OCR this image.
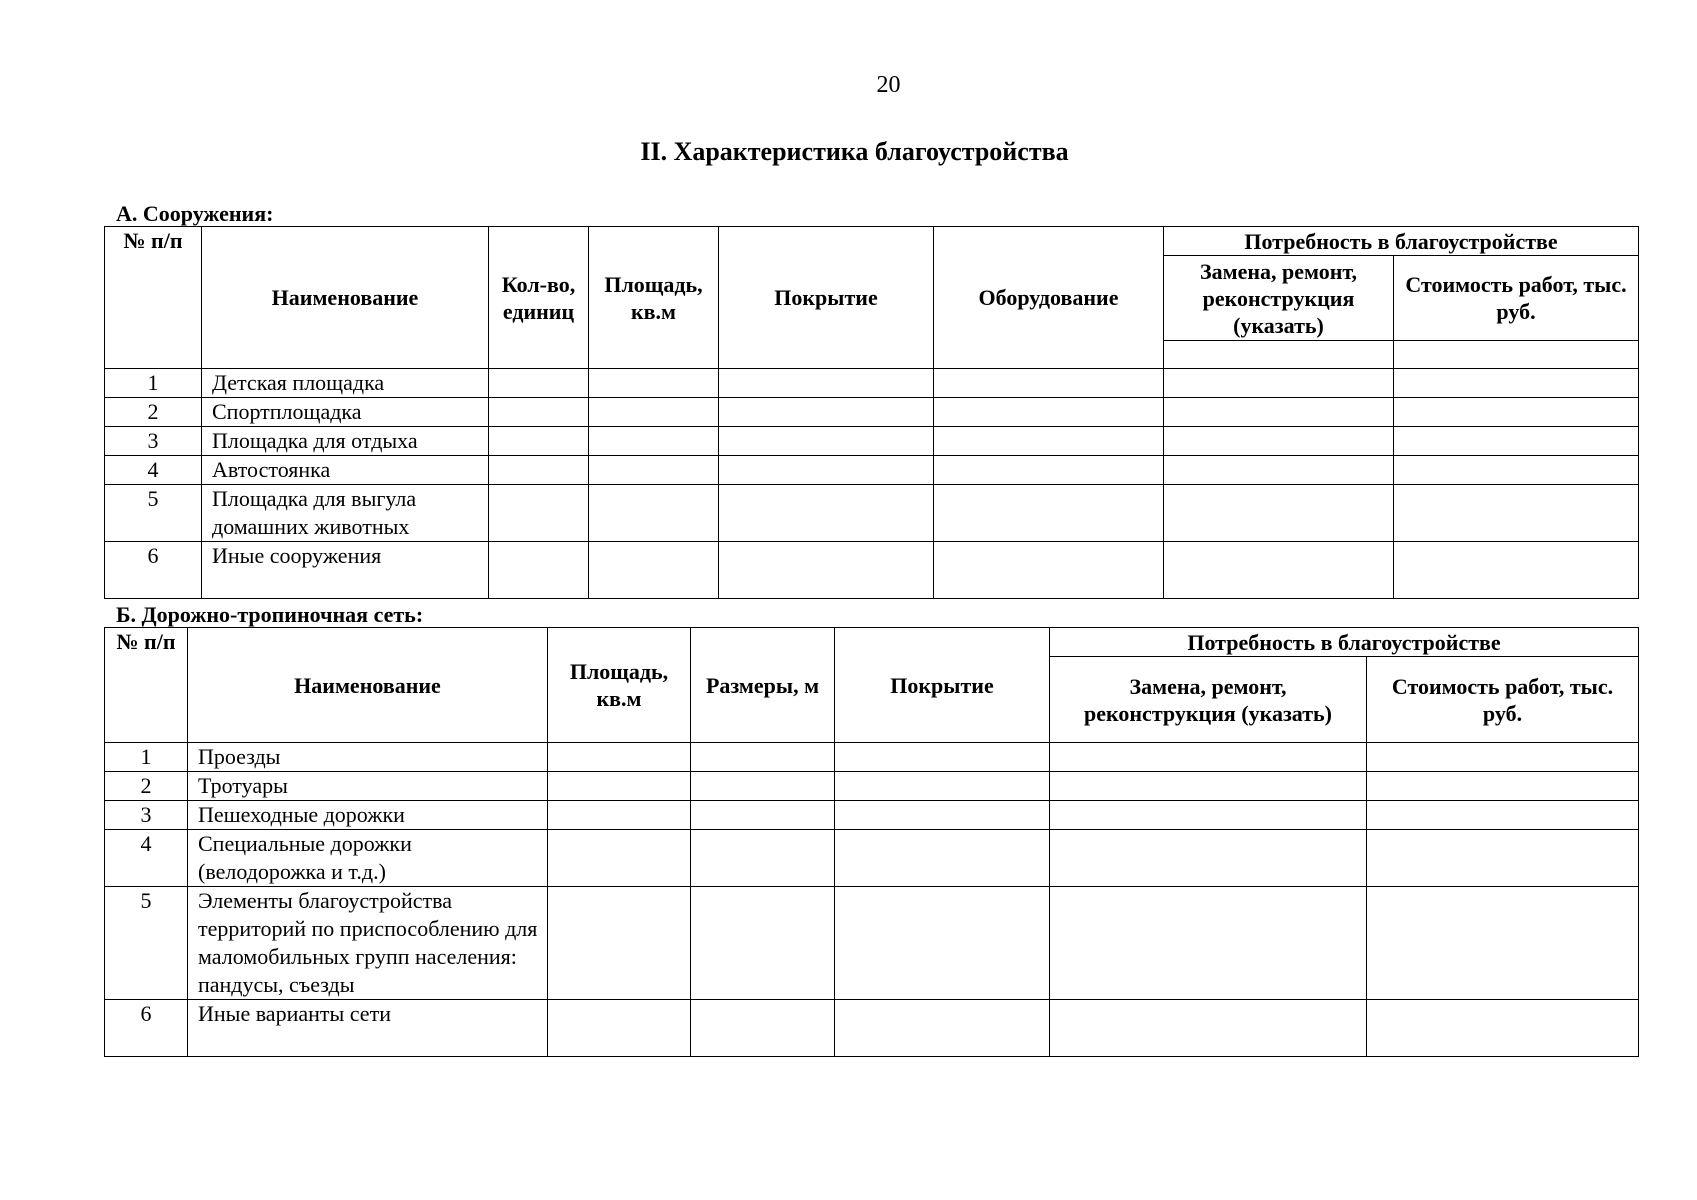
20
II. Характеристика благоустройства
А. Сооружения:
№ п/п	Наименование	Кол-во, единиц	Площадь, кв.м	Покрытие	Оборудование	Потребность в благоустройстве	
						Замена, ремонт, реконструкция (указать)	Стоимость работ, тыс. руб.

1	Детская площадка						
2	Спортплощадка						
3	Площадка для отдыха						
4	Автостоянка						
5	Площадка для выгула домашних животных						
6	Иные сооружения						
Б. Дорожно-тропиночная сеть:
№ п/п	Наименование	Площадь, кв.м	Размеры, м	Покрытие	Потребность в благоустройстве	
					Замена, ремонт, реконструкция (указать)	Стоимость работ, тыс. руб.
1	Проезды					
2	Тротуары					
3	Пешеходные дорожки					
4	Специальные дорожки (велодорожка и т.д.)					
5	Элементы благоустройства территорий по приспособлению для маломобильных групп населения: пандусы, съезды					
6	Иные варианты сети					
